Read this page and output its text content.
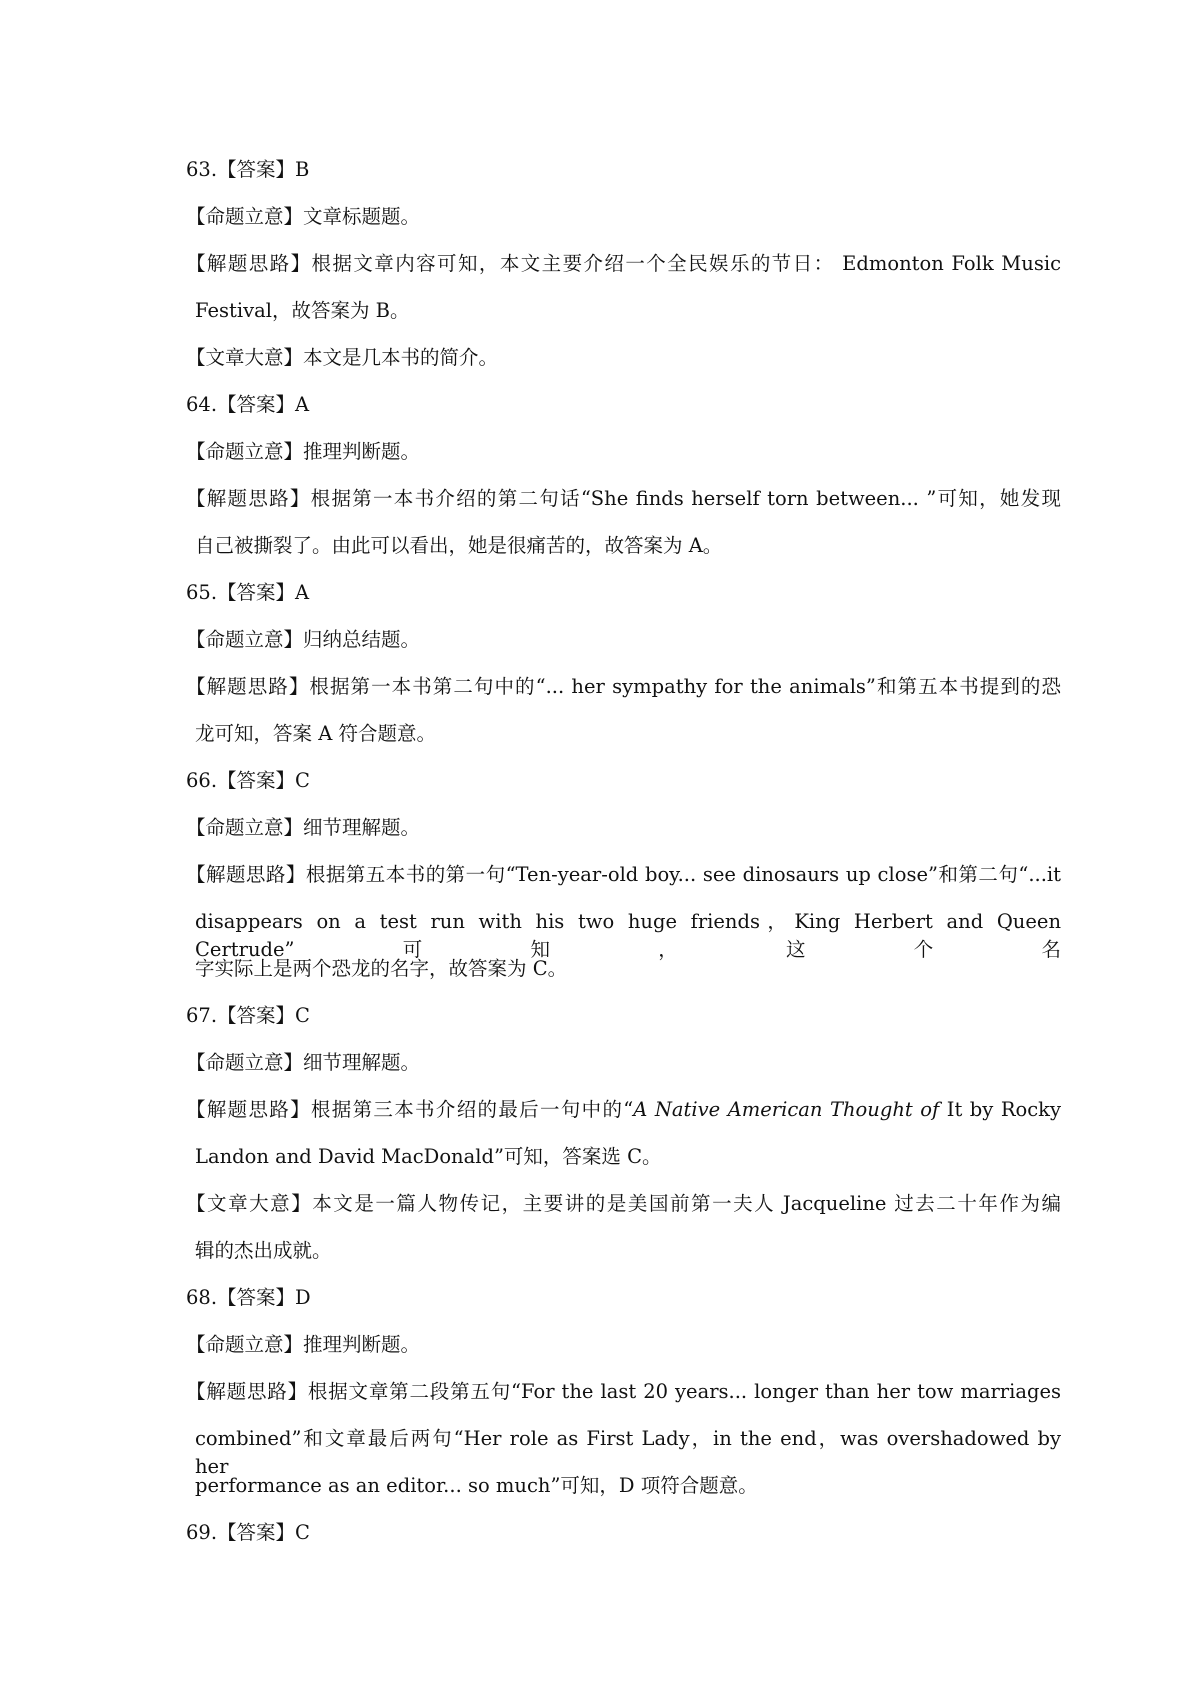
63.【答案】B
【命题立意】文章标题题。
【解题思路】根据文章内容可知，本文主要介绍一个全民娱乐的节日： Edmonton Folk Music
Festival，故答案为 B。
【文章大意】本文是几本书的简介。
64.【答案】A
【命题立意】推理判断题。
【解题思路】根据第一本书介绍的第二句话“She finds herself torn between... ”可知，她发现
自己被撕裂了。由此可以看出，她是很痛苦的，故答案为 A。
65.【答案】A
【命题立意】归纳总结题。
【解题思路】根据第一本书第二句中的“... her sympathy for the animals”和第五本书提到的恐
龙可知，答案 A 符合题意。
66.【答案】C
【命题立意】细节理解题。
【解题思路】根据第五本书的第一句“Ten-year-old boy... see dinosaurs up close”和第二句“...it
disappears on a test run with his two huge friends，King Herbert and Queen Certrude”可知，这个名
字实际上是两个恐龙的名字，故答案为 C。
67.【答案】C
【命题立意】细节理解题。
【解题思路】根据第三本书介绍的最后一句中的“A Native American Thought of It by Rocky
Landon and David MacDonald”可知，答案选 C。
【文章大意】本文是一篇人物传记，主要讲的是美国前第一夫人 Jacqueline 过去二十年作为编
辑的杰出成就。
68.【答案】D
【命题立意】推理判断题。
【解题思路】根据文章第二段第五句“For the last 20 years... longer than her tow marriages
combined”和文章最后两句“Her role as First Lady，in the end，was overshadowed by her
performance as an editor... so much”可知，D 项符合题意。
69.【答案】C
